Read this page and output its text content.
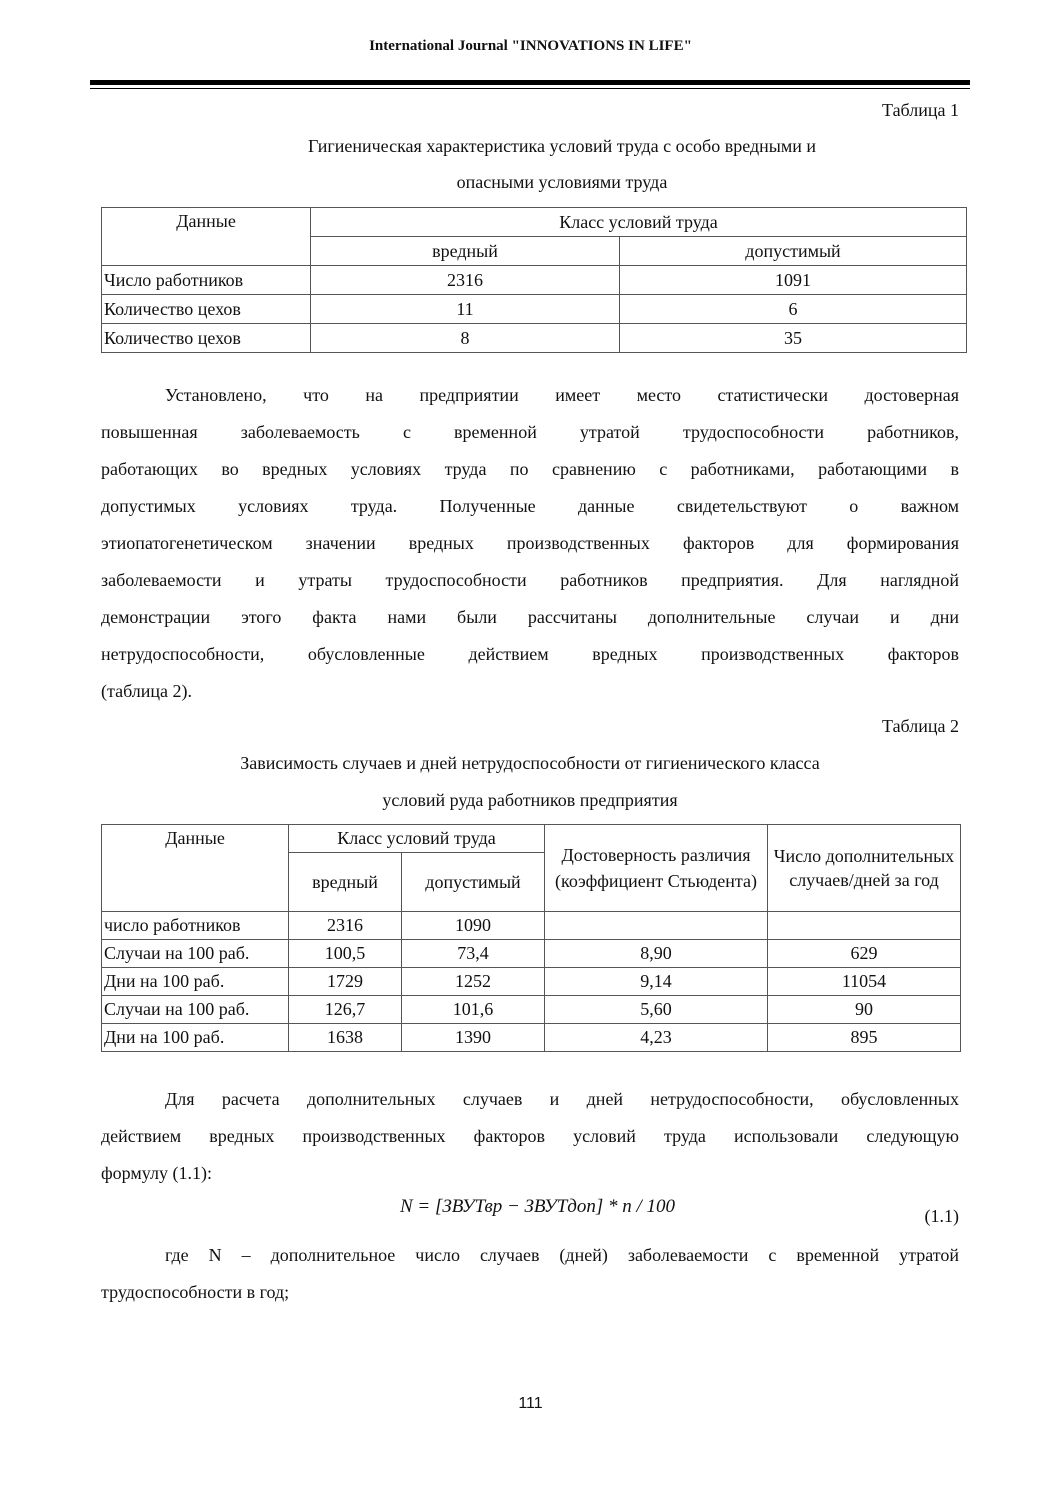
International Journal "INNOVATIONS IN LIFE"
Таблица 1
Гигиеническая характеристика условий труда с особо вредными и
опасными условиями труда
Данные	Класс условий труда	
	вредный	допустимый
Число работников	2316	1091
Количество цехов	11	6
Количество цехов	8	35
Установлено, что на предприятии имеет место статистически достоверная
повышенная заболеваемость с временной утратой трудоспособности работников,
работающих во вредных условиях труда по сравнению с работниками, работающими в
допустимых условиях труда. Полученные данные свидетельствуют о важном
этиопатогенетическом значении вредных производственных факторов для формирования
заболеваемости и утраты трудоспособности работников предприятия. Для наглядной
демонстрации этого факта нами были рассчитаны дополнительные случаи и дни
нетрудоспособности, обусловленные действием вредных производственных факторов
(таблица 2).
Таблица 2
Зависимость случаев и дней нетрудоспособности от гигиенического класса
условий руда работников предприятия
Данные	Класс условий труда		Достоверность различия (коэффициент Стьюдента)	Число дополнительных случаев/дней за год
	вредный	допустимый		
число работников	2316	1090		
Случаи на 100 раб.	100,5	73,4	8,90	629
Дни на 100 раб.	1729	1252	9,14	11054
Случаи на 100 раб.	126,7	101,6	5,60	90
Дни на 100 раб.	1638	1390	4,23	895
Для расчета дополнительных случаев и дней нетрудоспособности, обусловленных
действием вредных производственных факторов условий труда использовали следующую
формулу (1.1):
N = [ЗВУТвр − ЗВУТдоп] * n / 100	(1.1)
где N – дополнительное число случаев (дней) заболеваемости с временной утратой
трудоспособности в год;
111
